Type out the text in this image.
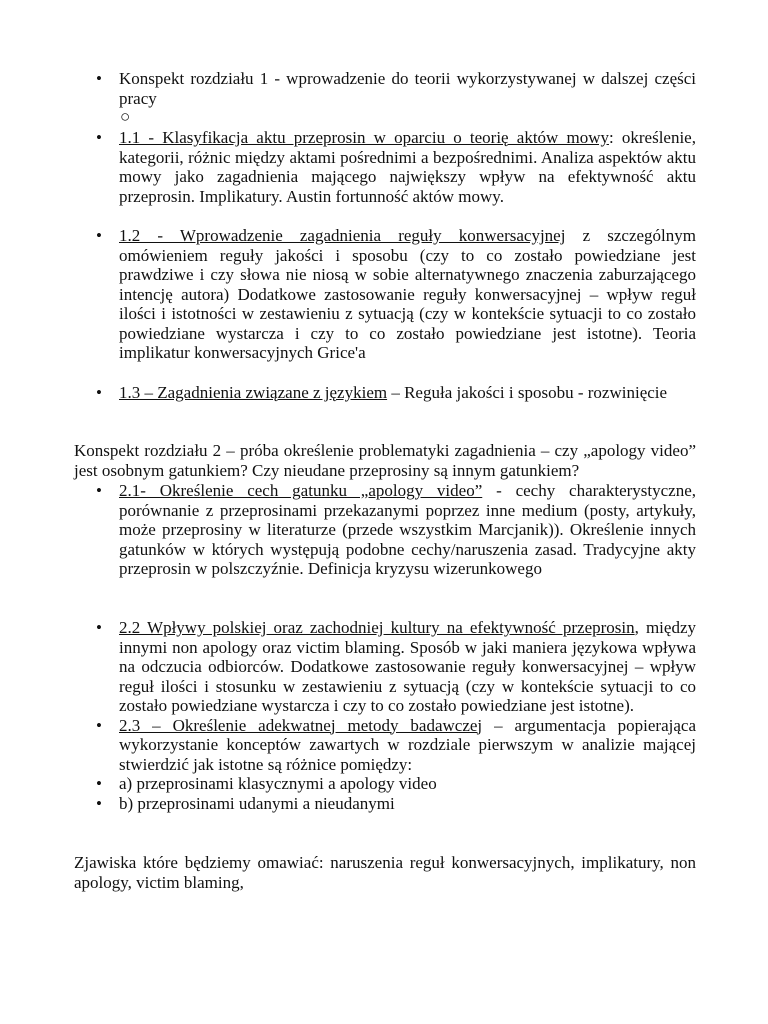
•	Konspekt rozdziału 1 - wprowadzenie do teorii wykorzystywanej w dalszej części pracy

○
•	1.1 - Klasyfikacja aktu przeprosin w oparciu o teorię aktów mowy: określenie, kategorii, różnic między aktami pośrednimi a bezpośrednimi. Analiza aspektów aktu mowy jako zagadnienia mającego największy wpływ na efektywność aktu przeprosin. Implikatury. Austin fortunność aktów mowy.

•	1.2 - Wprowadzenie zagadnienia reguły konwersacyjnej z szczególnym omówieniem reguły jakości i sposobu (czy to co zostało powiedziane jest prawdziwe i czy słowa nie niosą w sobie alternatywnego znaczenia zaburzającego intencję autora) Dodatkowe zastosowanie reguły konwersacyjnej – wpływ reguł ilości i istotności w zestawieniu z sytuacją (czy w kontekście sytuacji to co zostało powiedziane wystarcza i czy to co zostało powiedziane jest istotne). Teoria implikatur konwersacyjnych Grice'a

•	1.3 – Zagadnienia związane z językiem – Reguła jakości i sposobu - rozwinięcie

Konspekt rozdziału 2 – próba określenie problematyki zagadnienia – czy „apology video” jest osobnym gatunkiem? Czy nieudane przeprosiny są innym gatunkiem?

•	2.1- Określenie cech gatunku „apology video” - cechy charakterystyczne, porównanie z przeprosinami przekazanymi poprzez inne medium (posty, artykuły, może przeprosiny w literaturze (przede wszystkim Marcjanik)). Określenie innych gatunków w których występują podobne cechy/naruszenia zasad. Tradycyjne akty przeprosin w polszczyźnie. Definicja kryzysu wizerunkowego

•	2.2 Wpływy polskiej oraz zachodniej kultury na efektywność przeprosin, między innymi non apology oraz victim blaming. Sposób w jaki maniera językowa wpływa na odczucia odbiorców. Dodatkowe zastosowanie reguły konwersacyjnej – wpływ reguł ilości i stosunku w zestawieniu z sytuacją (czy w kontekście sytuacji to co zostało powiedziane wystarcza i czy to co zostało powiedziane jest istotne).

•	2.3 – Określenie adekwatnej metody badawczej – argumentacja popierająca wykorzystanie konceptów zawartych w rozdziale pierwszym w analizie mającej stwierdzić jak istotne są różnice pomiędzy:

•	a) przeprosinami klasycznymi a apology video

•	b) przeprosinami udanymi a nieudanymi

Zjawiska które będziemy omawiać: naruszenia reguł konwersacyjnych, implikatury, non apology, victim blaming,
